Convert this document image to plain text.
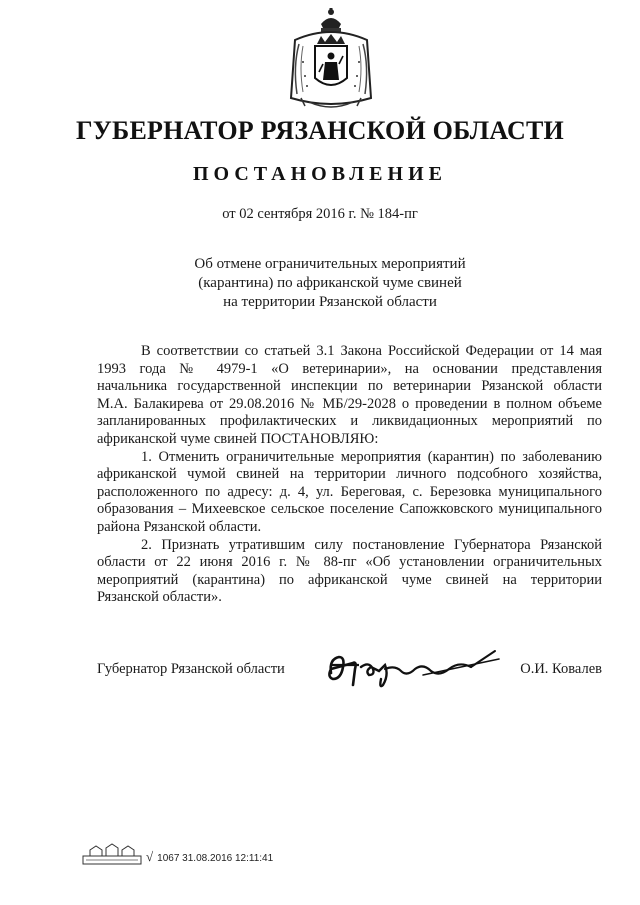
ГУБЕРНАТОР РЯЗАНСКОЙ ОБЛАСТИ
ПОСТАНОВЛЕНИЕ
от 02 сентября 2016 г. № 184-пг
Об отмене ограничительных мероприятий
(карантина) по африканской чуме свиней
на территории Рязанской области
В соответствии со статьей 3.1 Закона Российской Федерации от 14 мая
1993 года № 4979-1 «О ветеринарии», на основании представления
начальника государственной инспекции по ветеринарии Рязанской области
М.А. Балакирева от 29.08.2016 № МБ/29-2028 о проведении в полном объеме
запланированных профилактических и ликвидационных мероприятий по
африканской чуме свиней ПОСТАНОВЛЯЮ:
1. Отменить ограничительные мероприятия (карантин) по заболеванию
африканской чумой свиней на территории личного подсобного хозяйства,
расположенного по адресу: д. 4, ул. Береговая, с. Березовка муниципального
образования – Михеевское сельское поселение Сапожковского муниципального
района Рязанской области.
2. Признать утратившим силу постановление Губернатора Рязанской
области от 22 июня 2016 г. № 88-пг «Об установлении ограничительных
мероприятий (карантина) по африканской чуме свиней на территории
Рязанской области».
Губернатор Рязанской области	О.И. Ковалев
√ 1067 31.08.2016 12:11:41
